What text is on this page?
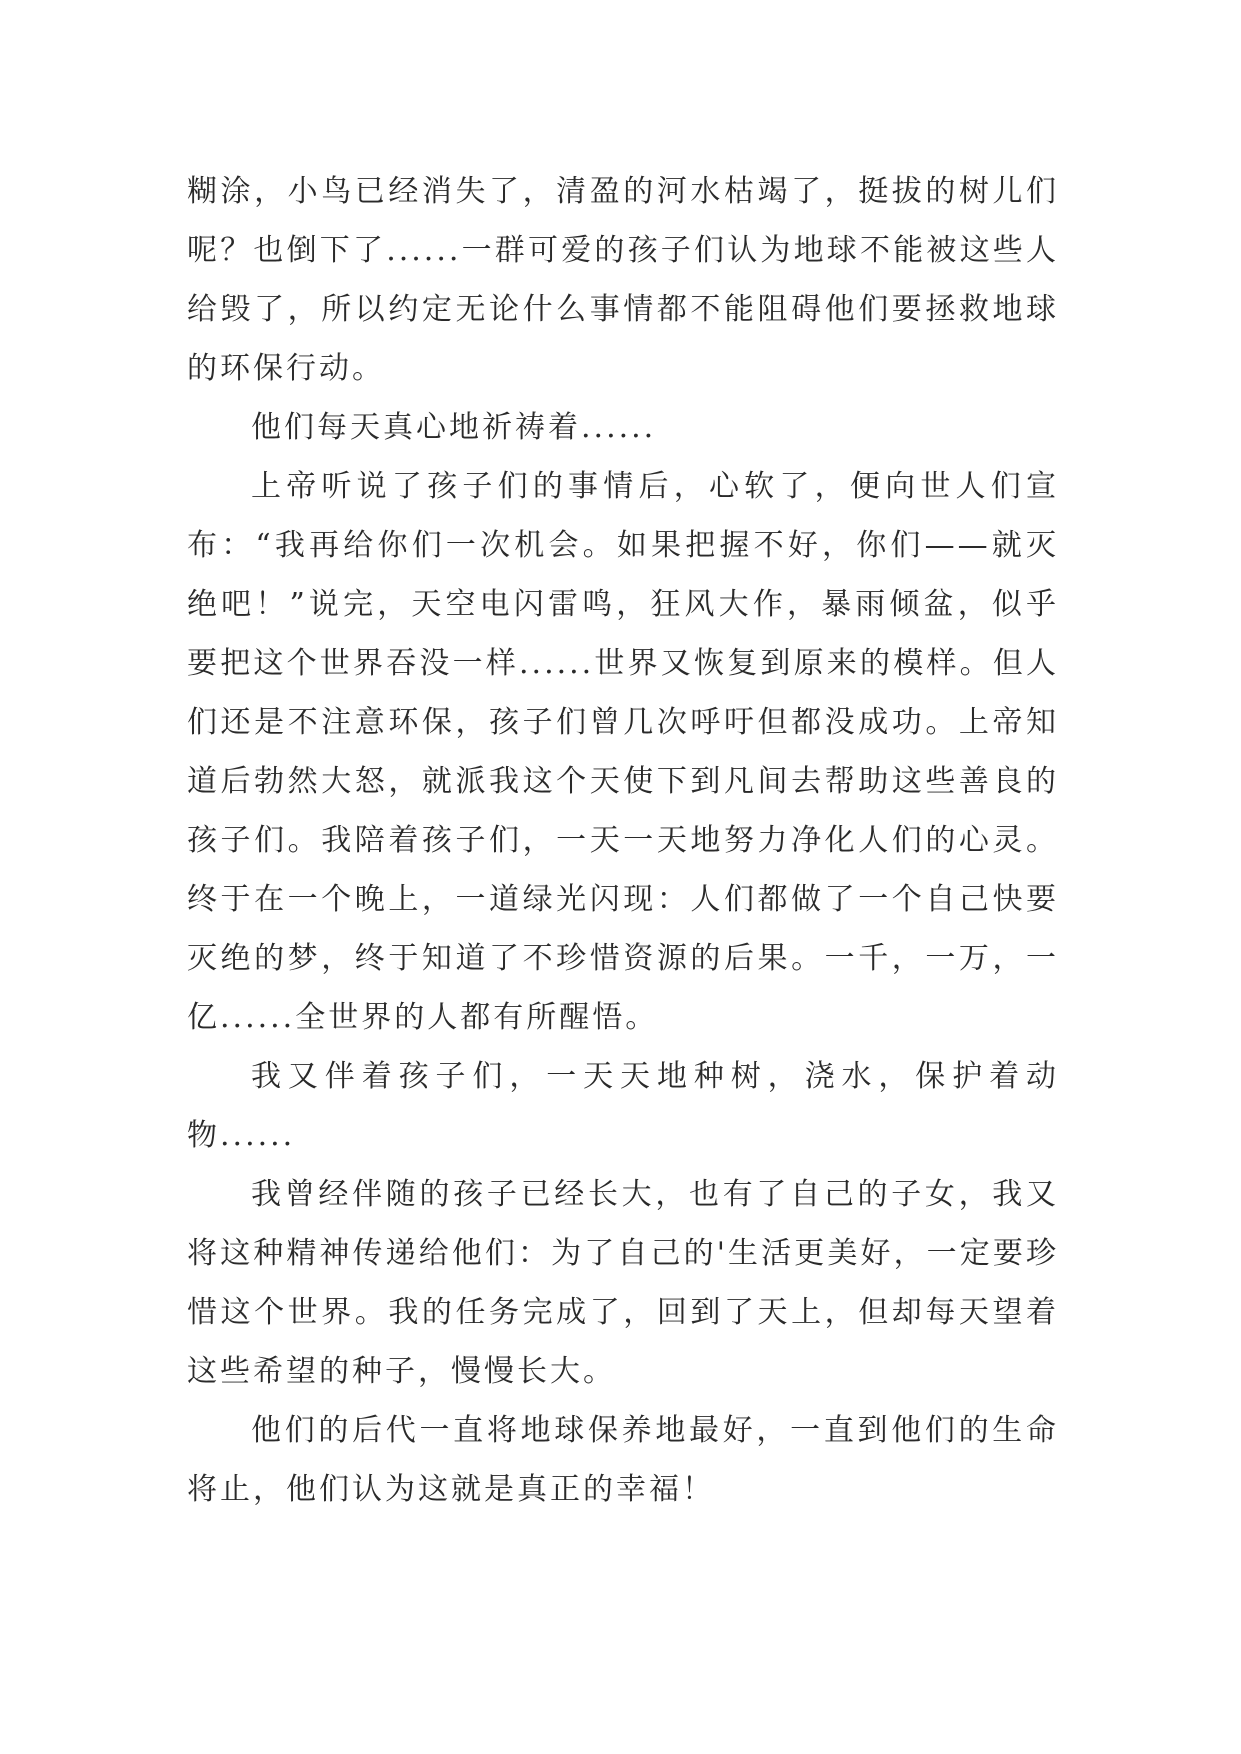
糊涂，小鸟已经消失了，清盈的河水枯竭了，挺拔的树儿们呢？也倒下了......一群可爱的孩子们认为地球不能被这些人给毁了，所以约定无论什么事情都不能阻碍他们要拯救地球的环保行动。

他们每天真心地祈祷着......

上帝听说了孩子们的事情后，心软了，便向世人们宣布：“我再给你们一次机会。如果把握不好，你们——就灭绝吧！”说完，天空电闪雷鸣，狂风大作，暴雨倾盆，似乎要把这个世界吞没一样......世界又恢复到原来的模样。但人们还是不注意环保，孩子们曾几次呼吁但都没成功。上帝知道后勃然大怒，就派我这个天使下到凡间去帮助这些善良的孩子们。我陪着孩子们，一天一天地努力净化人们的心灵。终于在一个晚上，一道绿光闪现：人们都做了一个自己快要灭绝的梦，终于知道了不珍惜资源的后果。一千，一万，一亿......全世界的人都有所醒悟。

我又伴着孩子们，一天天地种树，浇水，保护着动物......

我曾经伴随的孩子已经长大，也有了自己的子女，我又将这种精神传递给他们：为了自己的'生活更美好，一定要珍惜这个世界。我的任务完成了，回到了天上，但却每天望着这些希望的种子，慢慢长大。

他们的后代一直将地球保养地最好，一直到他们的生命将止，他们认为这就是真正的幸福！
